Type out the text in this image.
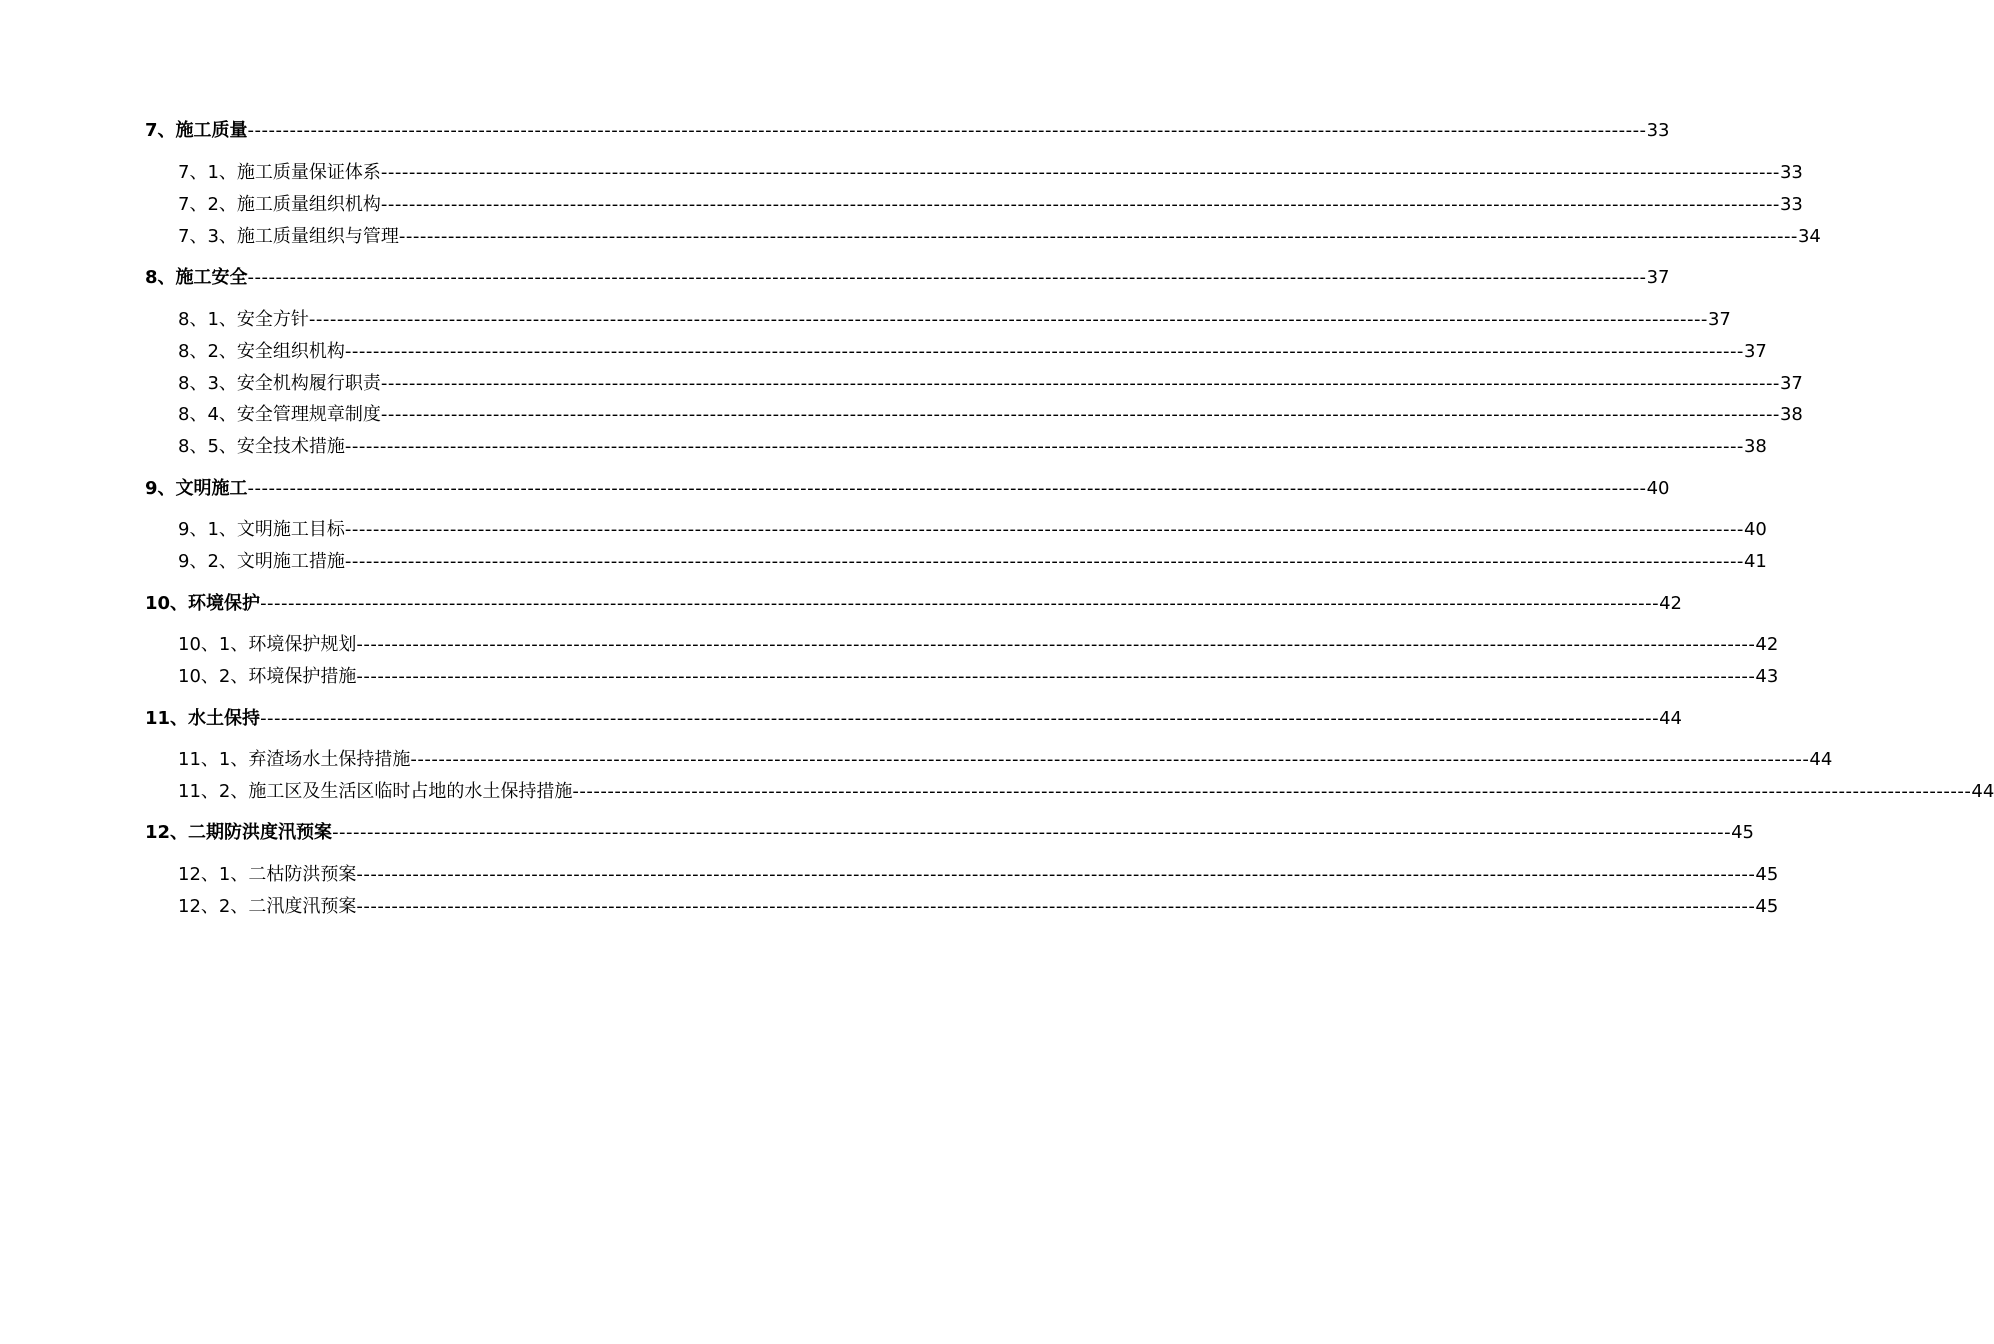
7、施工质量 -------------------------------------------------------------------------------------------------------------------------------------------------------------------------------------------------------- 33
7、1、施工质量保证体系 -------------------------------------------------------------------------------------------------------------------------------------------------------------------------------------------------------- 33
7、2、施工质量组织机构 -------------------------------------------------------------------------------------------------------------------------------------------------------------------------------------------------------- 33
7、3、施工质量组织与管理 -------------------------------------------------------------------------------------------------------------------------------------------------------------------------------------------------------- 34
8、施工安全 -------------------------------------------------------------------------------------------------------------------------------------------------------------------------------------------------------- 37
8、1、安全方针 -------------------------------------------------------------------------------------------------------------------------------------------------------------------------------------------------------- 37
8、2、安全组织机构 -------------------------------------------------------------------------------------------------------------------------------------------------------------------------------------------------------- 37
8、3、安全机构履行职责 -------------------------------------------------------------------------------------------------------------------------------------------------------------------------------------------------------- 37
8、4、安全管理规章制度 -------------------------------------------------------------------------------------------------------------------------------------------------------------------------------------------------------- 38
8、5、安全技术措施 -------------------------------------------------------------------------------------------------------------------------------------------------------------------------------------------------------- 38
9、文明施工 -------------------------------------------------------------------------------------------------------------------------------------------------------------------------------------------------------- 40
9、1、文明施工目标 -------------------------------------------------------------------------------------------------------------------------------------------------------------------------------------------------------- 40
9、2、文明施工措施 -------------------------------------------------------------------------------------------------------------------------------------------------------------------------------------------------------- 41
10、环境保护 -------------------------------------------------------------------------------------------------------------------------------------------------------------------------------------------------------- 42
10、1、环境保护规划 -------------------------------------------------------------------------------------------------------------------------------------------------------------------------------------------------------- 42
10、2、环境保护措施 -------------------------------------------------------------------------------------------------------------------------------------------------------------------------------------------------------- 43
11、水土保持 -------------------------------------------------------------------------------------------------------------------------------------------------------------------------------------------------------- 44
11、1、弃渣场水土保持措施 -------------------------------------------------------------------------------------------------------------------------------------------------------------------------------------------------------- 44
11、2、施工区及生活区临时占地的水土保持措施 -------------------------------------------------------------------------------------------------------------------------------------------------------------------------------------------------------- 44
12、二期防洪度汛预案 -------------------------------------------------------------------------------------------------------------------------------------------------------------------------------------------------------- 45
12、1、二枯防洪预案 -------------------------------------------------------------------------------------------------------------------------------------------------------------------------------------------------------- 45
12、2、二汛度汛预案 -------------------------------------------------------------------------------------------------------------------------------------------------------------------------------------------------------- 45
